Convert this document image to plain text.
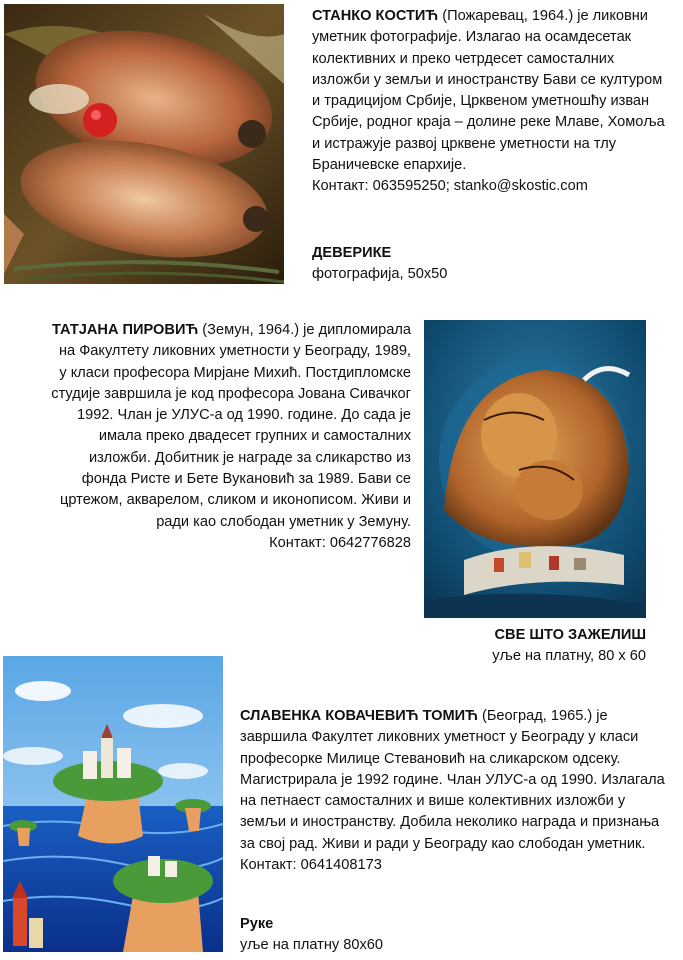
СТАНКО КОСТИЋ (Пожаревац, 1964.) је ликовни уметник фотографије. Излагао на осамдесетак колективних и преко четрдесет самосталних изложби у земљи и иностранству Бави се културом и традицијом Србије, Црквеном уметношћу изван Србије, родног краја – долине реке Млаве, Хомоља и истражује развој црквене уметности на тлу Браничевске епархије.
Контакт: 063595250; stanko@skostic.com

ДЕВЕРИКЕ
фотографија, 50x50

ТАТЈАНА ПИРОВИЋ (Земун, 1964.) је дипломирала на Факултету ликовних уметности у Београду, 1989, у класи професора Мирјане Михић. Постдипломске студије завршила је код професора Јована Сивачког 1992. Члан је УЛУС-а од 1990. године. До сада је имала преко двадесет групних и самосталних изложби. Добитник је награде за сликарство из фонда Ристе и Бете Вукановић за 1989. Бави се цртежом, акварелом, сликом и иконописом. Живи и ради као слободан уметник у Земуну.
Контакт: 0642776828

СВЕ ШТО ЗАЖЕЛИШ
уље на платну, 80 x 60

СЛАВЕНКА КОВАЧЕВИЋ ТОМИЋ (Београд, 1965.) је завршила Факултет ликовних уметност у Београду у класи професорке Милице Стевановић на сликарском одсеку. Магистрирала је 1992 године. Члан УЛУС-а од 1990. Излагала на петнаест самосталних и више колективних изложби у земљи и иностранству. Добила неколико награда и признања за свој рад. Живи и ради у Београду као слободан уметник.
Контакт: 0641408173

Руке
уље на платну 80x60
